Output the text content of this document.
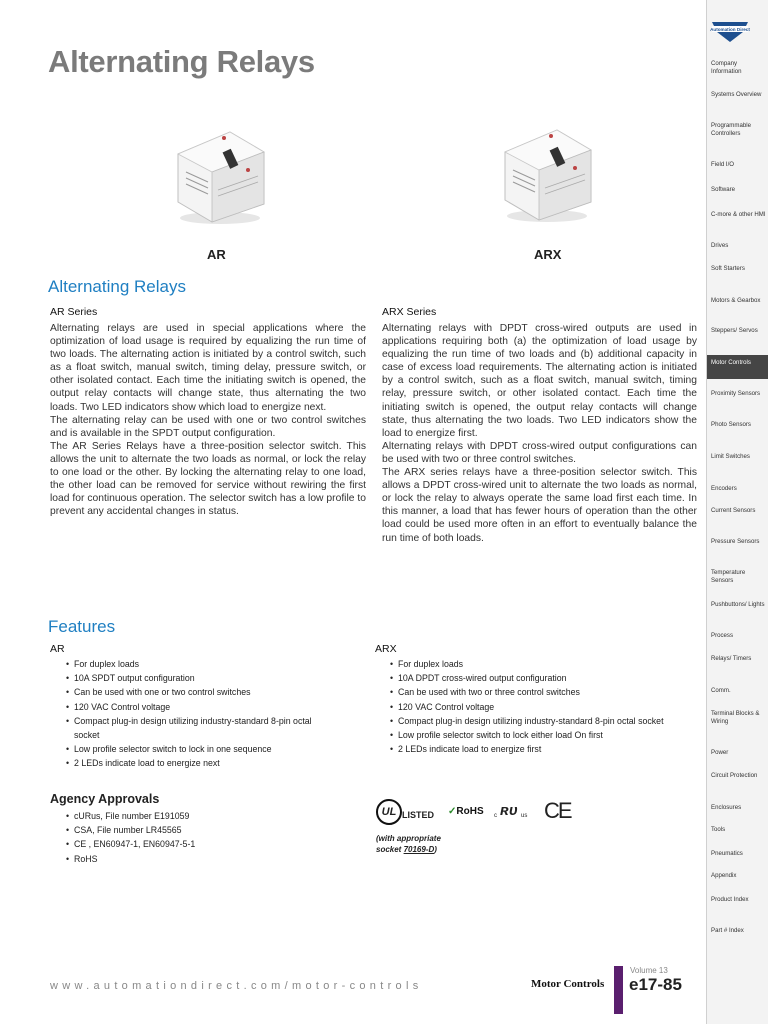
Alternating Relays
AR	ARX
Alternating Relays
AR Series

Alternating relays are used in special applications where the optimization of load usage is required by equalizing the run time of two loads. The alternating action is initiated by a control switch, such as a float switch, manual switch, timing delay, pressure switch, or other isolated contact. Each time the initiating switch is opened, the output relay contacts will change state, thus alternating the two loads. Two LED indicators show which load to energize next.

The alternating relay can be used with one or two control switches and is available in the SPDT output configuration.

The AR Series Relays have a three-position selector switch. This allows the unit to alternate the two loads as normal, or lock the relay to one load or the other. By locking the alternating relay to one load, the other load can be removed for service without rewiring the first load for continuous operation. The selector switch has a low profile to prevent any accidental changes in status.

ARX Series

Alternating relays with DPDT cross-wired outputs are used in applications requiring both (a) the optimization of load usage by equalizing the run time of two loads and (b) additional capacity in case of excess load requirements. The alternating action is initiated by a control switch, such as a float switch, manual switch, timing relay, pressure switch, or other isolated contact. Each time the initiating switch is opened, the output relay contacts will change state, thus alternating the two loads. Two LED indicators show the load to energize first.

Alternating relays with DPDT cross-wired output configurations can be used with two or three control switches.

The ARX series relays have a three-position selector switch. This allows a DPDT cross-wired unit to alternate the two loads as normal, or lock the relay to always operate the same load first each time. In this manner, a load that has fewer hours of operation than the other load could be used more often in an effort to eventually balance the run time of both loads.

Features
AR
• For duplex loads
• 10A SPDT output configuration
• Can be used with one or two control switches
• 120 VAC Control voltage
• Compact plug-in design utilizing industry-standard 8-pin octal socket
• Low profile selector switch to lock in one sequence
• 2 LEDs indicate load to energize next
ARX
• For duplex loads
• 10A DPDT cross-wired output configuration
• Can be used with two or three control switches
• 120 VAC Control voltage
• Compact plug-in design utilizing industry-standard 8-pin octal socket
• Low profile selector switch to lock either load On first
• 2 LEDs indicate load to energize first
Agency Approvals
• cURus, File number E191059
• CSA, File number LR45565
• CE , EN60947-1, EN60947-5-1
• RoHS
UL LISTED ✓RoHS c ʀᴜ us CE
(with appropriate
socket 70169-D)
www.automationdirect.com/motor-controls
Volume 13
Motor Controls e17-85
Automation Direct
Company Information
Systems Overview
Programmable Controllers
Field I/O
Software
C-more & other HMI
Drives
Soft Starters
Motors & Gearbox
Steppers/ Servos
Motor Controls
Proximity Sensors
Photo Sensors
Limit Switches
Encoders
Current Sensors
Pressure Sensors
Temperature Sensors
Pushbuttons/ Lights
Process
Relays/ Timers
Comm.
Terminal Blocks & Wiring
Power
Circuit Protection
Enclosures
Tools
Pneumatics
Appendix
Product Index
Part # Index
